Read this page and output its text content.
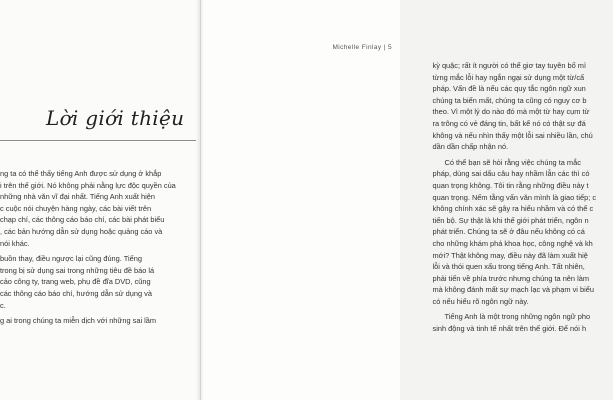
Lời giới thiệu
ng ta có thể thấy tiếng Anh được sử dụng ở khắp
i trên thế giới. Nó không phải nằng lực độc quyền của
những nhà văn vĩ đại nhất. Tiếng Anh xuất hiện
c cuộc nói chuyện hàng ngày, các bài viết trên
chạp chí, các thông cáo báo chí, các bài phát biểu
, các bản hướng dẫn sử dụng hoặc quảng cáo và
nói khác.
buồn thay, điều ngược lại cũng đúng. Tiếng
trong bị sử dụng sai trong những tiêu đề báo lá
cảo công ty, trang web, phụ đề đĩa DVD, cũng
các thông cáo báo chí, hướng dẫn sử dụng và
c.
g ai trong chúng ta miễn dịch với những sai lầm
Michelle Finlay | 5
kỳ quặc; rất ít người có thể giơ tay tuyên bố mì
từng mắc lỗi hay ngắn ngại sử dụng một từ/cấ
pháp. Vấn đề là nếu các quy tắc ngôn ngữ xun
chúng ta biến mất, chúng ta cũng có nguy cơ b
theo. Vì một lý do nào đó mà một từ hay cụm từ
ra trông có vẻ đáng tin, bất kể nó có thật sự đá
không và nếu nhìn thấy một lỗi sai nhiều lần, chú
dần dần chấp nhận nó.
Có thể bạn sẽ hỏi rằng việc chúng ta mắc
pháp, dùng sai dấu câu hay nhầm lẫn các thì có
quan trọng không. Tôi tin rằng những điều này t
quan trọng. Nếm tằng vấn văn mình là giao tiếp; c
không chính xác sẽ gây ra hiểu nhầm và có thể c
tiến bộ. Sự thật là khi thế giới phát triển, ngôn n
phát triển. Chúng ta sẽ ở đâu nếu không có cá
cho những khám phá khoa học, công nghệ và kh
mới? Thật không may, điều này đã làm xuất hiệ
lỗi và thói quen xấu trong tiếng Anh. Tất nhiên,
phải tiến về phía trước nhưng chúng ta nên làm
mà không đánh mất sự mạch lạc và phạm vi biểu
có nếu hiểu rõ ngôn ngữ này.
Tiếng Anh là một trong những ngôn ngữ pho
sinh động và tinh tế nhất trên thế giới. Để nói h
